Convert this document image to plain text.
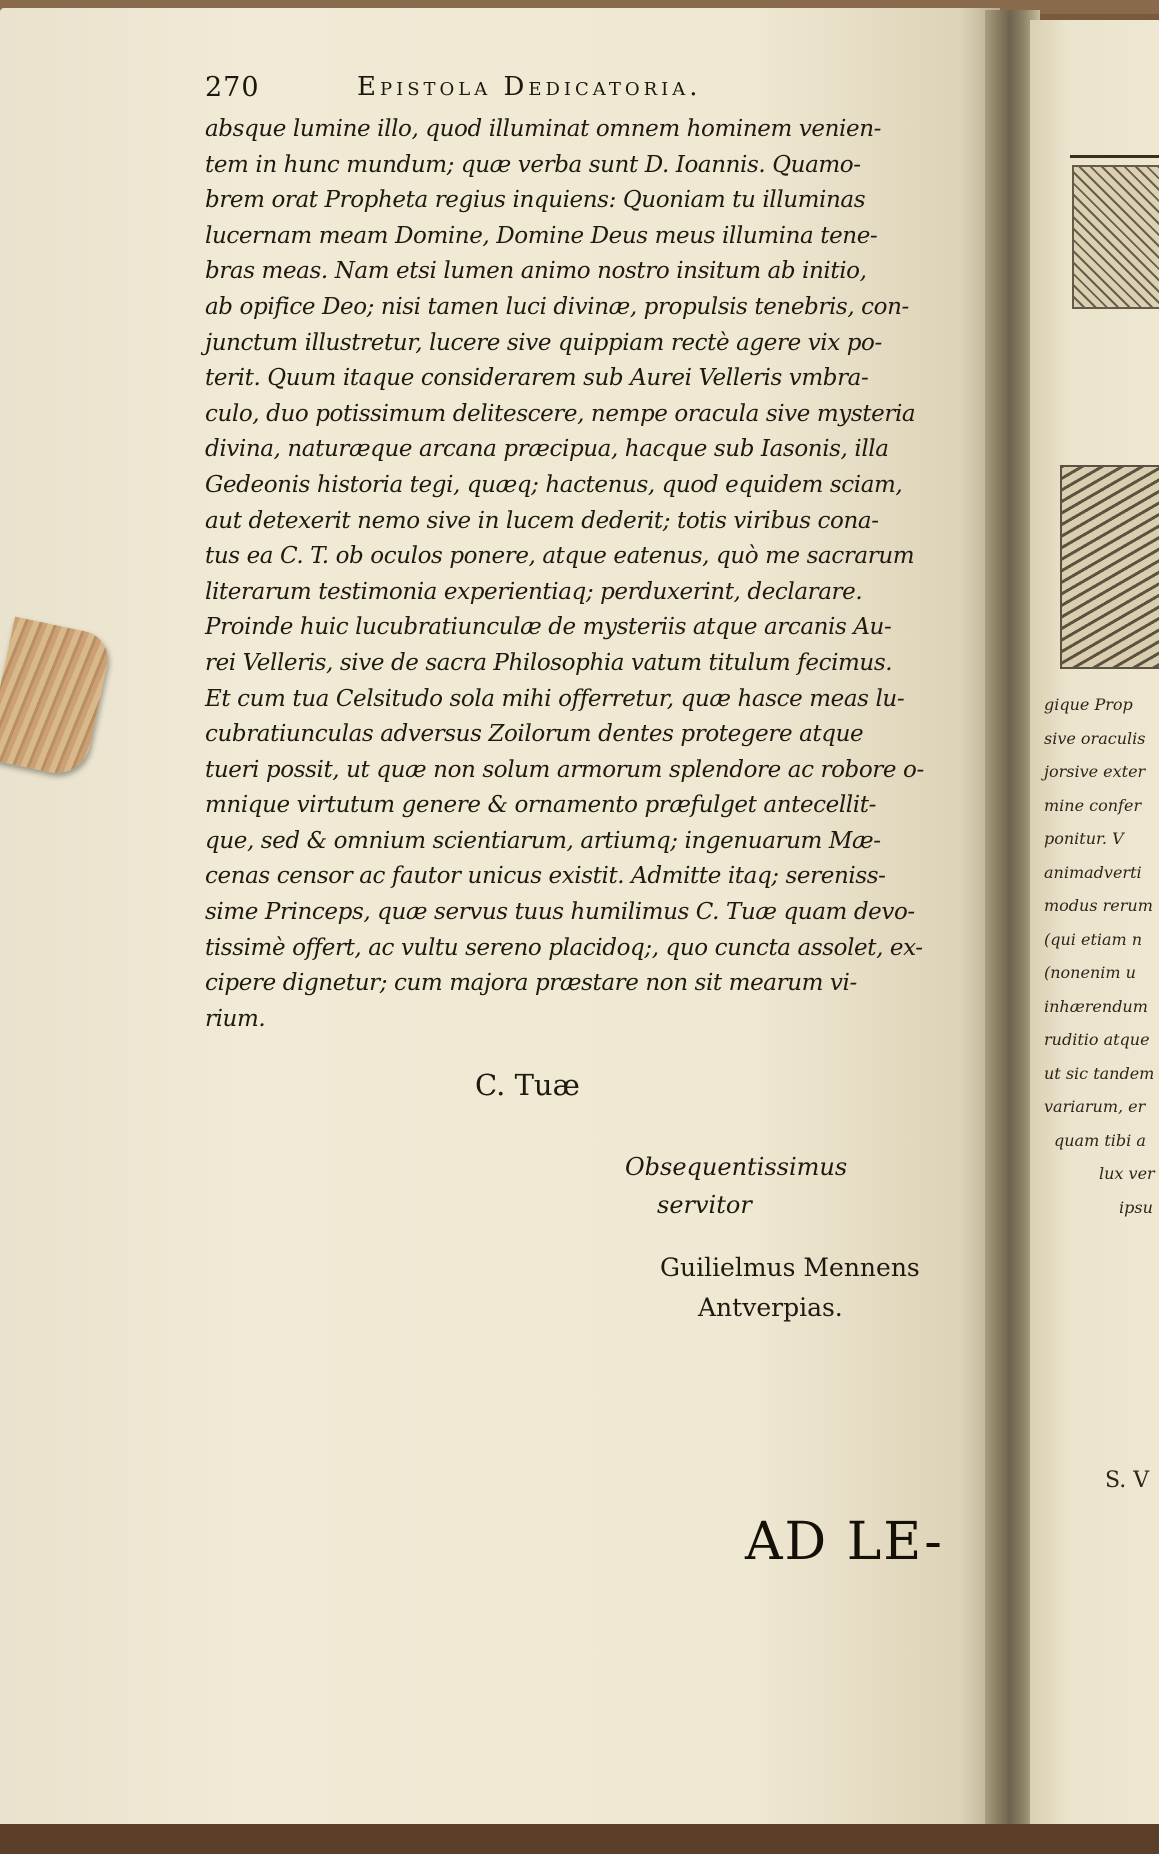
gique Prop
sive oraculis
jorsive exter
mine confer
ponitur. V
animadverti
modus rerum
(qui etiam n
(nonenim u
inhærendum
ruditio atque
ut sic tandem
variarum, er
quam tibi a
lux ver
ipsu
S. V
270	Epistola Dedicatoria.
absque lumine illo, quod illuminat omnem hominem venien-
tem in hunc mundum; quæ verba sunt D. Ioannis. Quamo-
brem orat Propheta regius inquiens: Quoniam tu illuminas
lucernam meam Domine, Domine Deus meus illumina tene-
bras meas. Nam etsi lumen animo nostro insitum ab initio,
ab opifice Deo; nisi tamen luci divinæ, propulsis tenebris, con-
junctum illustretur, lucere sive quippiam rectè agere vix po-
terit. Quum itaque considerarem sub Aurei Velleris vmbra-
culo, duo potissimum delitescere, nempe oracula sive mysteria
divina, naturæque arcana præcipua, hacque sub Iasonis, illa
Gedeonis historia tegi, quæq; hactenus, quod equidem sciam,
aut detexerit nemo sive in lucem dederit; totis viribus cona-
tus ea C. T. ob oculos ponere, atque eatenus, quò me sacrarum
literarum testimonia experientiaq; perduxerint, declarare.
Proinde huic lucubratiunculæ de mysteriis atque arcanis Au-
rei Velleris, sive de sacra Philosophia vatum titulum fecimus.
Et cum tua Celsitudo sola mihi offerretur, quæ hasce meas lu-
cubratiunculas adversus Zoilorum dentes protegere atque
tueri possit, ut quæ non solum armorum splendore ac robore o-
mnique virtutum genere & ornamento præfulget antecellit-
que, sed & omnium scientiarum, artiumq; ingenuarum Mæ-
cenas censor ac fautor unicus existit. Admitte itaq; sereniss-
sime Princeps, quæ servus tuus humilimus C. Tuæ quam devo-
tissimè offert, ac vultu sereno placidoq;, quo cuncta assolet, ex-
cipere dignetur; cum majora præstare non sit mearum vi-
rium.
C. Tuæ
Obsequentissimus
servitor
Guilielmus Mennens
Antverpias.
AD LE-
